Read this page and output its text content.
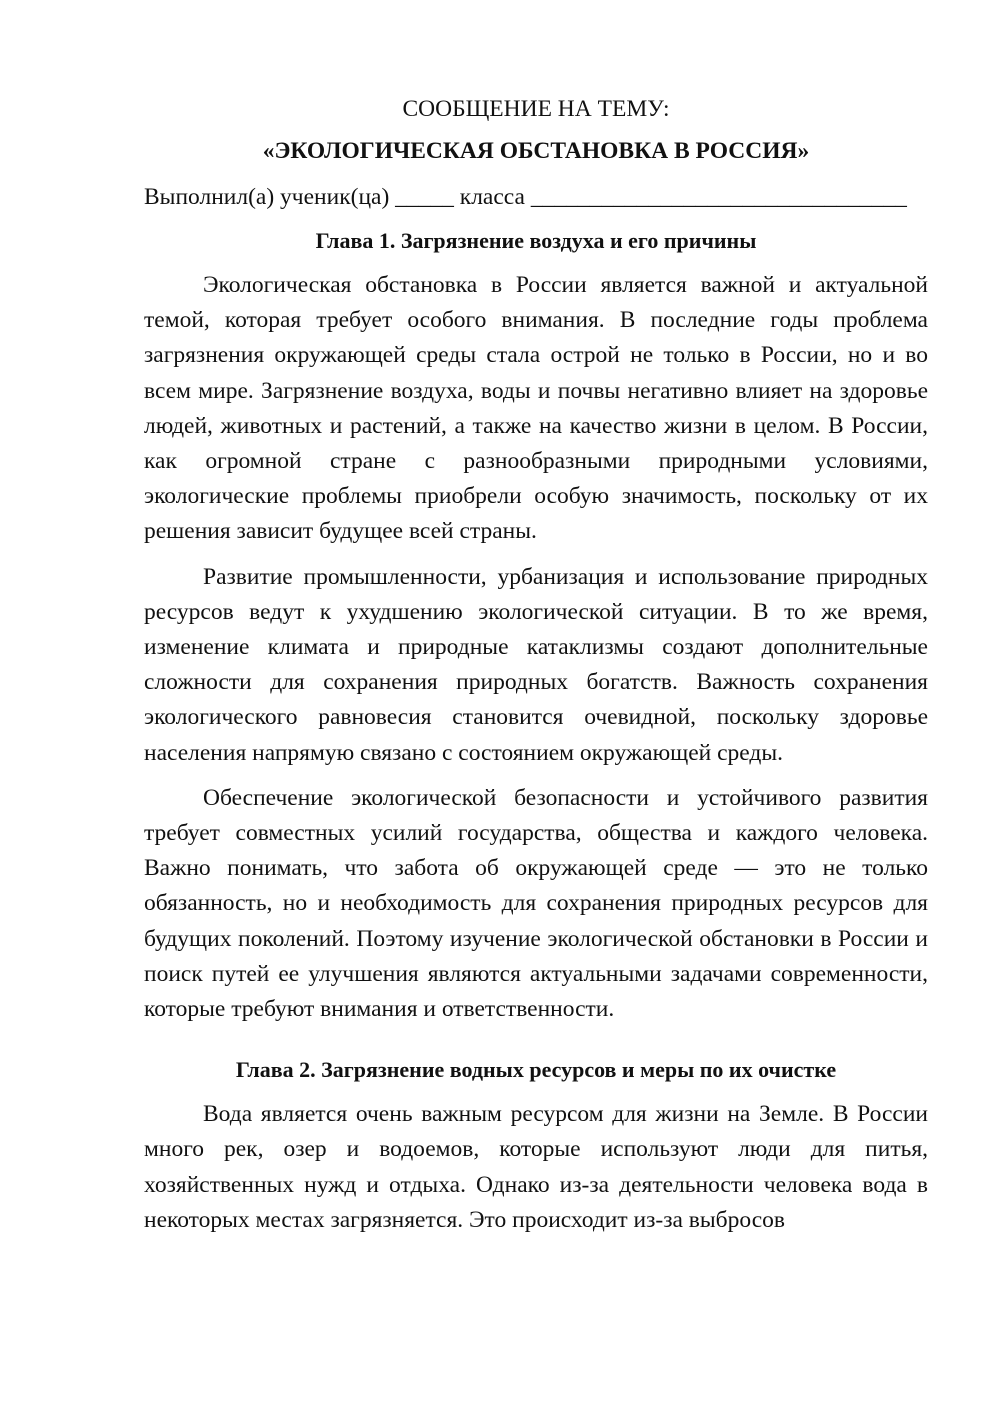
СООБЩЕНИЕ НА ТЕМУ:

«ЭКОЛОГИЧЕСКАЯ ОБСТАНОВКА В РОССИЯ»

Выполнил(а) ученик(ца) _____ класса ________________________________

Глава 1. Загрязнение воздуха и его причины

Экологическая обстановка в России является важной и актуальной темой, которая требует особого внимания. В последние годы проблема загрязнения окружающей среды стала острой не только в России, но и во всем мире. Загрязнение воздуха, воды и почвы негативно влияет на здоровье людей, животных и растений, а также на качество жизни в целом. В России, как огромной стране с разнообразными природными условиями, экологические проблемы приобрели особую значимость, поскольку от их решения зависит будущее всей страны.

Развитие промышленности, урбанизация и использование природных ресурсов ведут к ухудшению экологической ситуации. В то же время, изменение климата и природные катаклизмы создают дополнительные сложности для сохранения природных богатств. Важность сохранения экологического равновесия становится очевидной, поскольку здоровье населения напрямую связано с состоянием окружающей среды.

Обеспечение экологической безопасности и устойчивого развития требует совместных усилий государства, общества и каждого человека. Важно понимать, что забота об окружающей среде — это не только обязанность, но и необходимость для сохранения природных ресурсов для будущих поколений. Поэтому изучение экологической обстановки в России и поиск путей ее улучшения являются актуальными задачами современности, которые требуют внимания и ответственности.

Глава 2. Загрязнение водных ресурсов и меры по их очистке

Вода является очень важным ресурсом для жизни на Земле. В России много рек, озер и водоемов, которые используют люди для питья, хозяйственных нужд и отдыха. Однако из-за деятельности человека вода в некоторых местах загрязняется. Это происходит из-за выбросов
